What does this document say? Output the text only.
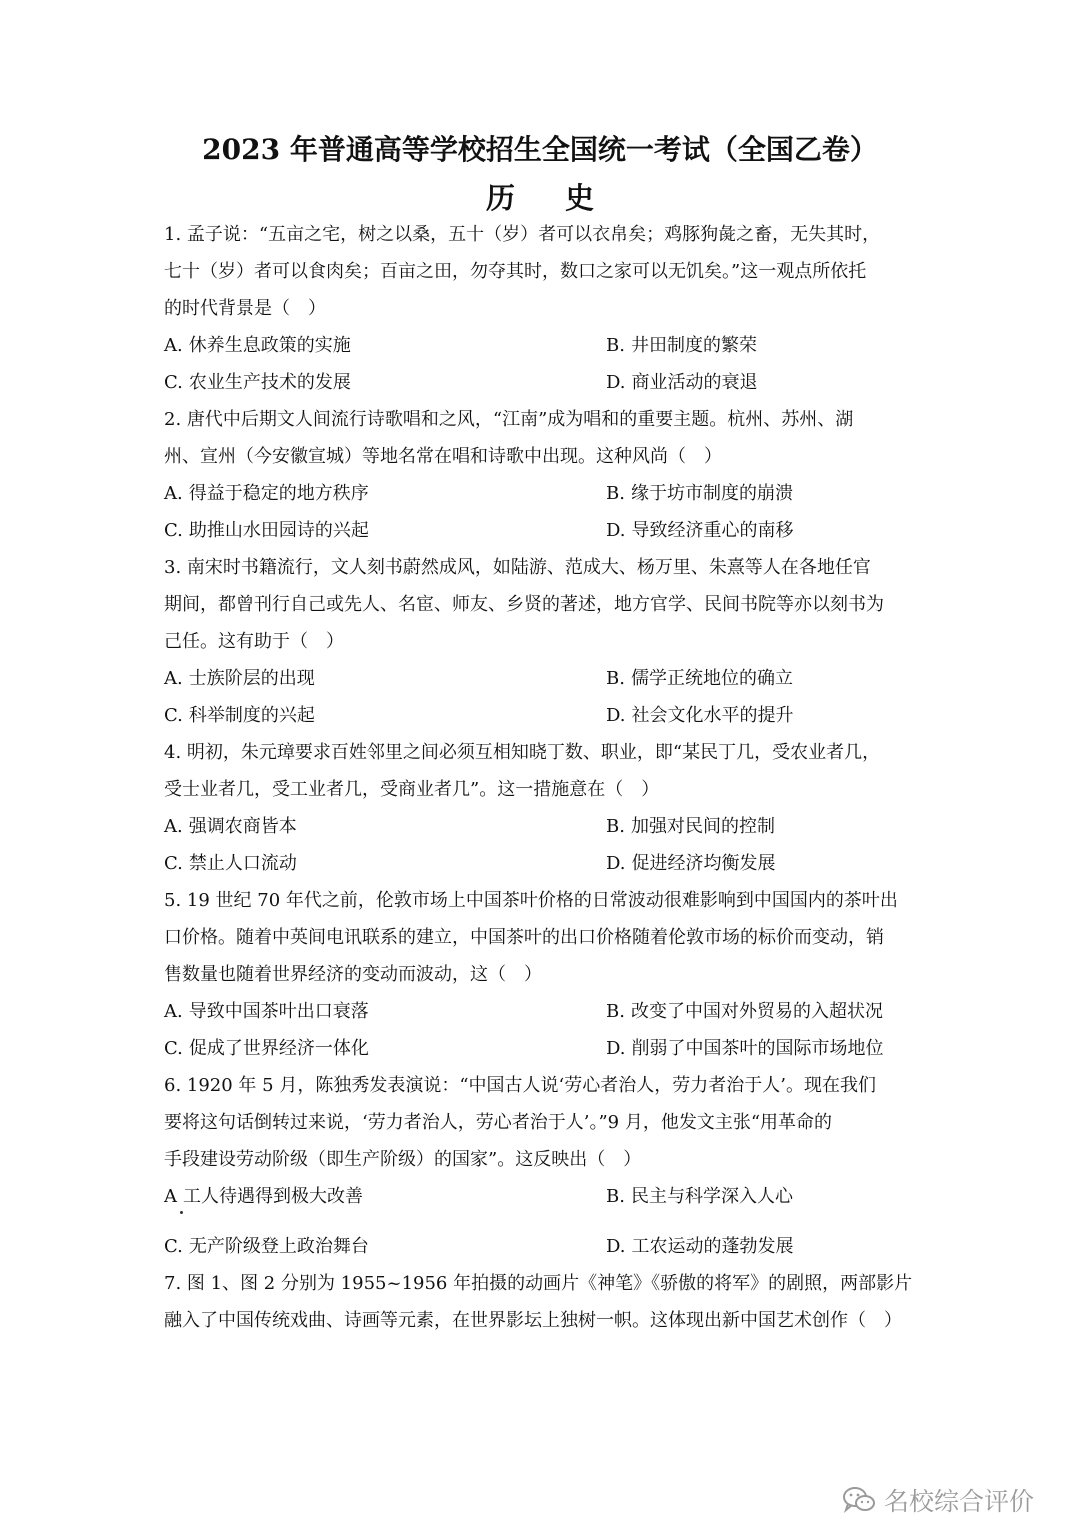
2023 年普通高等学校招生全国统一考试（全国乙卷）
历 史
1. 孟子说：“五亩之宅，树之以桑，五十（岁）者可以衣帛矣；鸡豚狗彘之畜，无失其时，
七十（岁）者可以食肉矣；百亩之田，勿夺其时，数口之家可以无饥矣。”这一观点所依托
的时代背景是（　）
A. 休养生息政策的实施	B. 井田制度的繁荣
C. 农业生产技术的发展	D. 商业活动的衰退
2. 唐代中后期文人间流行诗歌唱和之风，“江南”成为唱和的重要主题。杭州、苏州、湖
州、宣州（今安徽宣城）等地名常在唱和诗歌中出现。这种风尚（　）
A. 得益于稳定的地方秩序	B. 缘于坊市制度的崩溃
C. 助推山水田园诗的兴起	D. 导致经济重心的南移
3. 南宋时书籍流行，文人刻书蔚然成风，如陆游、范成大、杨万里、朱熹等人在各地任官
期间，都曾刊行自己或先人、名宦、师友、乡贤的著述，地方官学、民间书院等亦以刻书为
己任。这有助于（　）
A. 士族阶层的出现	B. 儒学正统地位的确立
C. 科举制度的兴起	D. 社会文化水平的提升
4. 明初，朱元璋要求百姓邻里之间必须互相知晓丁数、职业，即“某民丁几，受农业者几，
受士业者几，受工业者几，受商业者几”。这一措施意在（　）
A. 强调农商皆本	B. 加强对民间的控制
C. 禁止人口流动	D. 促进经济均衡发展
5. 19 世纪 70 年代之前，伦敦市场上中国茶叶价格的日常波动很难影响到中国国内的茶叶出
口价格。随着中英间电讯联系的建立，中国茶叶的出口价格随着伦敦市场的标价而变动，销
售数量也随着世界经济的变动而波动，这（　）
A. 导致中国茶叶出口衰落	B. 改变了中国对外贸易的入超状况
C. 促成了世界经济一体化	D. 削弱了中国茶叶的国际市场地位
6. 1920 年 5 月，陈独秀发表演说：“中国古人说‘劳心者治人，劳力者治于人’。现在我们
要将这句话倒转过来说，‘劳力者治人，劳心者治于人’。”9 月，他发文主张“用革命的
手段建设劳动阶级（即生产阶级）的国家”。这反映出（　）
A 工人待遇得到极大改善	B. 民主与科学深入人心
C. 无产阶级登上政治舞台	D. 工农运动的蓬勃发展
7. 图 1、图 2 分别为 1955~1956 年拍摄的动画片《神笔》《骄傲的将军》的剧照，两部影片
融入了中国传统戏曲、诗画等元素，在世界影坛上独树一帜。这体现出新中国艺术创作（　）
名校综合评价
